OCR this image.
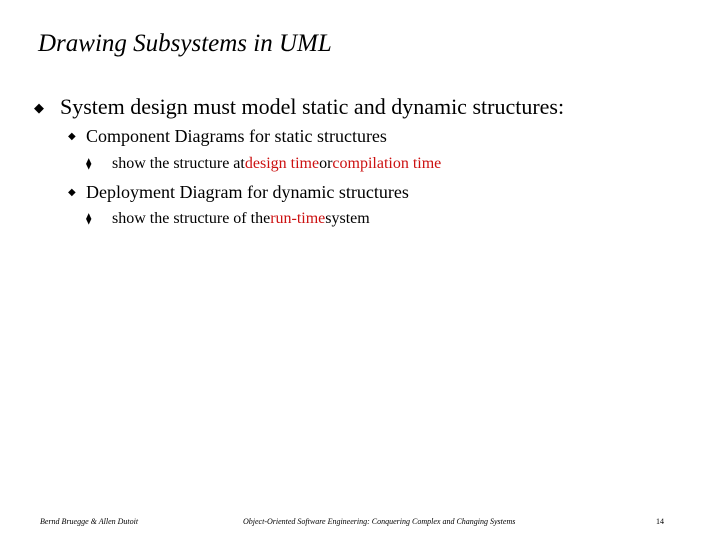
Drawing Subsystems in UML
◆ System design must model static and dynamic structures:
◆ Component Diagrams for static structures
⧫	show the structure at design time or compilation time
◆ Deployment Diagram for dynamic structures
⧫	show the structure of the run-time system
Bernd Bruegge & Allen Dutoit	Object-Oriented Software Engineering: Conquering Complex and Changing Systems	14
